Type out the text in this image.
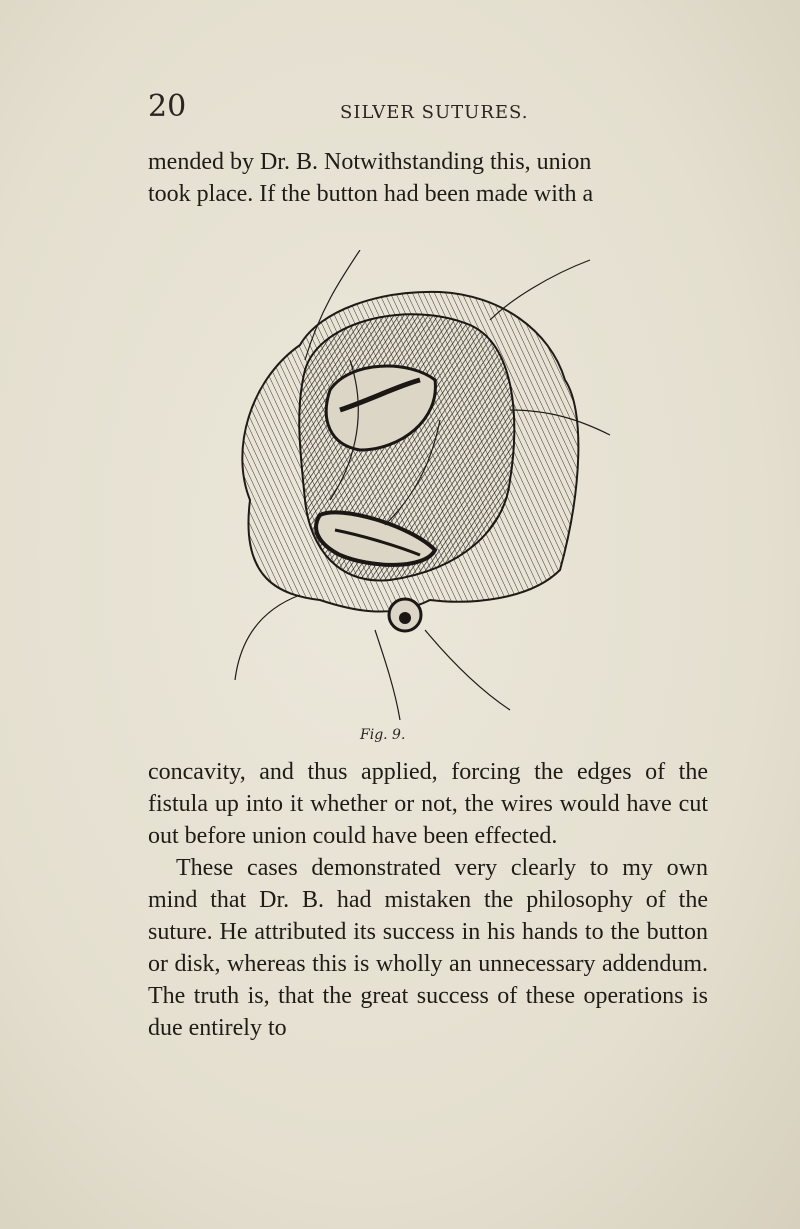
20	SILVER SUTURES.
mended by Dr. B. Notwithstanding this, union
took place. If the button had been made with a
Fig. 9.

concavity, and thus applied, forcing the edges of the fistula up into it whether or not, the wires would have cut out before union could have been effected.

These cases demonstrated very clearly to my own mind that Dr. B. had mistaken the philosophy of the suture. He attributed its success in his hands to the button or disk, whereas this is wholly an unnecessary addendum. The truth is, that the great success of these operations is due entirely to
